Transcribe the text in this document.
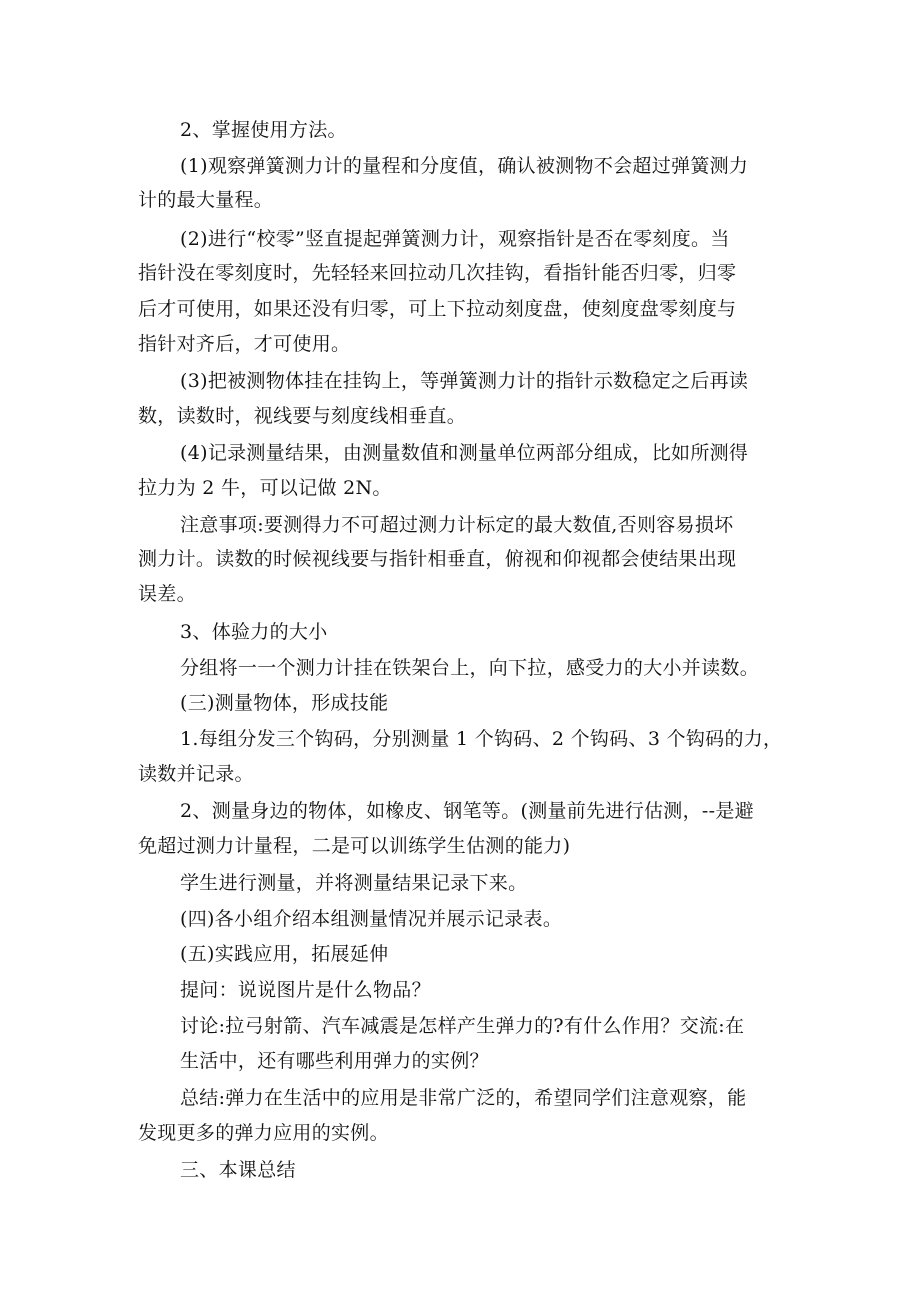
2、掌握使用方法。
(1)观察弹簧测力计的量程和分度值，确认被测物不会超过弹簧测力
计的最大量程。
(2)进行“校零”竖直提起弹簧测力计，观察指针是否在零刻度。当
指针没在零刻度时，先轻轻来回拉动几次挂钩，看指针能否归零，归零
后才可使用，如果还没有归零，可上下拉动刻度盘，使刻度盘零刻度与
指针对齐后，才可使用。
(3)把被测物体挂在挂钩上，等弹簧测力计的指针示数稳定之后再读
数，读数时，视线要与刻度线相垂直。
(4)记录测量结果，由测量数值和测量单位两部分组成，比如所测得
拉力为 2 牛，可以记做 2N。
注意事项:要测得力不可超过测力计标定的最大数值,否则容易损坏
测力计。读数的时候视线要与指针相垂直，俯视和仰视都会使结果出现
误差。
3、体验力的大小
分组将一一个测力计挂在铁架台上，向下拉，感受力的大小并读数。
(三)测量物体，形成技能
1.每组分发三个钩码，分别测量 1 个钩码、2 个钩码、3 个钩码的力，
读数并记录。
2、测量身边的物体，如橡皮、钢笔等。(测量前先进行估测，--是避
免超过测力计量程，二是可以训练学生估测的能力)
学生进行测量，并将测量结果记录下来。
(四)各小组介绍本组测量情况并展示记录表。
(五)实践应用，拓展延伸
提问：说说图片是什么物品？
讨论:拉弓射箭、汽车减震是怎样产生弹力的?有什么作用？交流:在
生活中，还有哪些利用弹力的实例？
总结:弹力在生活中的应用是非常广泛的，希望同学们注意观察，能
发现更多的弹力应用的实例。
三、本课总结
